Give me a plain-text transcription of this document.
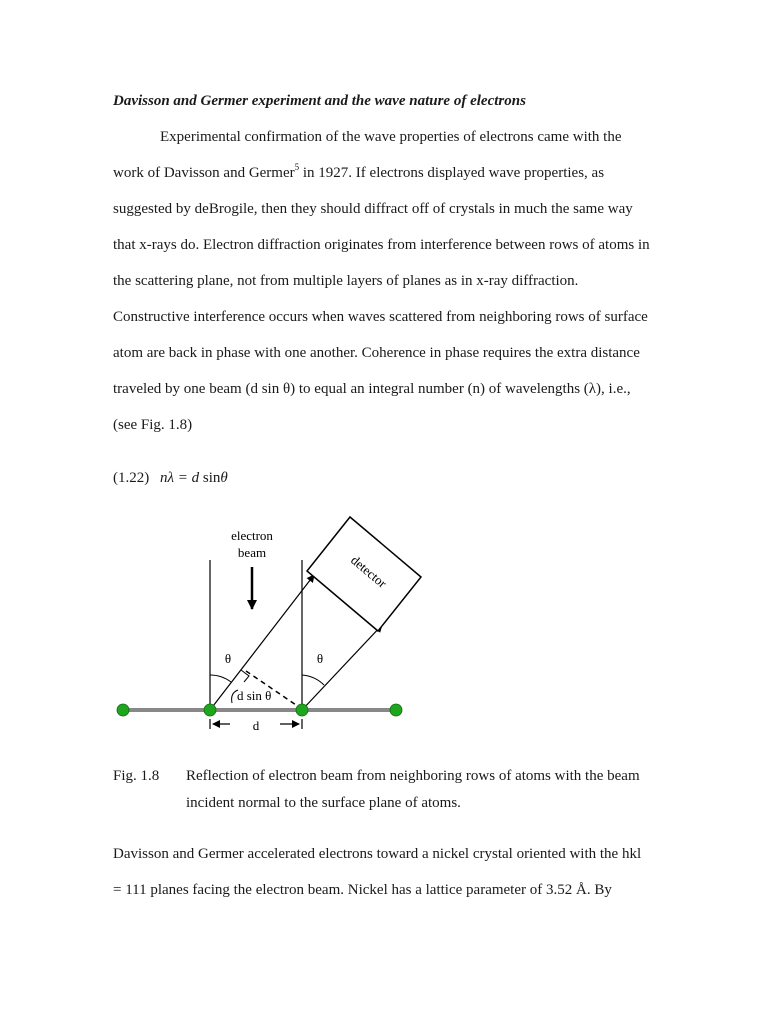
Davisson and Germer experiment and the wave nature of electrons
Experimental confirmation of the wave properties of electrons came with the
work of Davisson and Germer$^5$ in 1927. If electrons displayed wave properties, as
suggested by deBrogile, then they should diffract off of crystals in much the same way
that x-rays do. Electron diffraction originates from interference between rows of atoms in
the scattering plane, not from multiple layers of planes as in x-ray diffraction.
Constructive interference occurs when waves scattered from neighboring rows of surface
atom are back in phase with one another. Coherence in phase requires the extra distance
traveled by one beam (d sin θ) to equal an integral number (n) of wavelengths (λ), i.e.,
(see Fig. 1.8)
(1.22) nλ = d sinθ
detector
electron
beam
θ	θ
d sin θ
d
Fig. 1.8 Reflection of electron beam from neighboring rows of atoms with the beam
incident normal to the surface plane of atoms.
Davisson and Germer accelerated electrons toward a nickel crystal oriented with the hkl
= 111 planes facing the electron beam. Nickel has a lattice parameter of 3.52 Å. By
